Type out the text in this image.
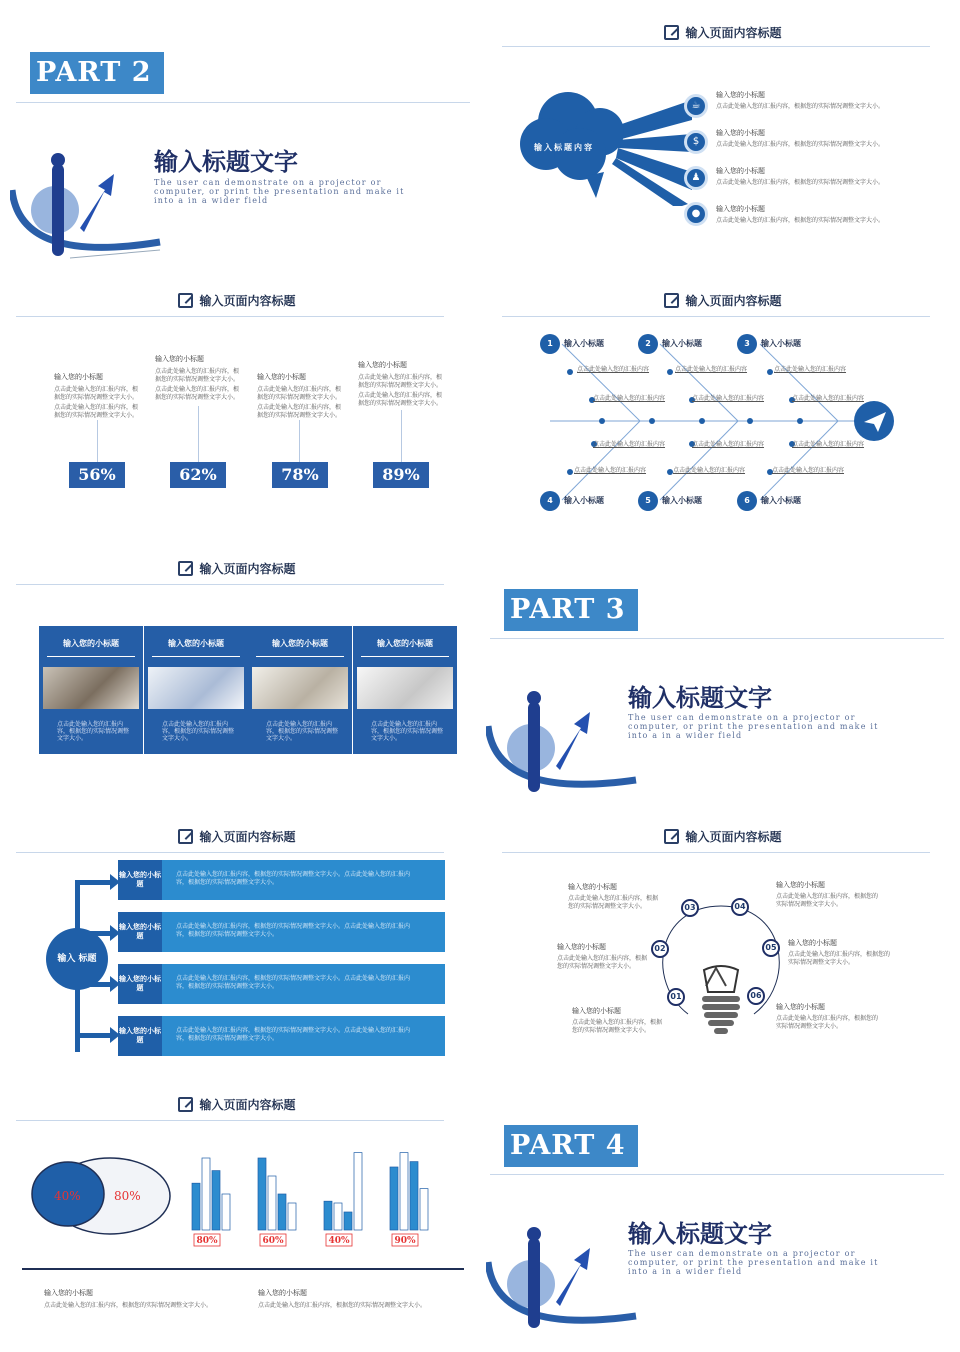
PART 2
输入标题文字
The user can demonstrate on a projector or computer, or print the presentation and make it into a in a wider field
输入页面内容标题
输入您的小标题
点击此处输入您的汇报内容，根据您的实际情况调整文字大小。
点击此处输入您的汇报内容，根据您的实际情况调整文字大小。
输入您的小标题
点击此处输入您的汇报内容，根据您的实际情况调整文字大小。
点击此处输入您的汇报内容，根据您的实际情况调整文字大小。
输入您的小标题
点击此处输入您的汇报内容，根据您的实际情况调整文字大小。
点击此处输入您的汇报内容，根据您的实际情况调整文字大小。
输入您的小标题
点击此处输入您的汇报内容，根据您的实际情况调整文字大小。
点击此处输入您的汇报内容，根据您的实际情况调整文字大小。
56%	62%	78%	89%
输入页面内容标题
输入您的小标题
点击此处输入您的汇报内容，根据您的实际情况调整文字大小。
输入您的小标题
点击此处输入您的汇报内容，根据您的实际情况调整文字大小。
输入您的小标题
点击此处输入您的汇报内容，根据您的实际情况调整文字大小。
输入您的小标题
点击此处输入您的汇报内容，根据您的实际情况调整文字大小。
输入页面内容标题
输入 标题
输入您的小标题
点击此处输入您的汇报内容，根据您的实际情况调整文字大小。点击此处输入您的汇报内容，根据您的实际情况调整文字大小。
输入您的小标题
点击此处输入您的汇报内容，根据您的实际情况调整文字大小。点击此处输入您的汇报内容，根据您的实际情况调整文字大小。
输入您的小标题
点击此处输入您的汇报内容，根据您的实际情况调整文字大小。点击此处输入您的汇报内容，根据您的实际情况调整文字大小。
输入您的小标题
点击此处输入您的汇报内容，根据您的实际情况调整文字大小。点击此处输入您的汇报内容，根据您的实际情况调整文字大小。
输入页面内容标题
40%	80%
80%	60%	40%	90%
输入您的小标题
点击此处输入您的汇报内容，根据您的实际情况调整文字大小。
输入您的小标题
点击此处输入您的汇报内容，根据您的实际情况调整文字大小。
输入页面内容标题
输入标题内容
☕
$
♟
●
输入您的小标题
点击此处输入您的汇报内容，根据您的实际情况调整文字大小。
输入您的小标题
点击此处输入您的汇报内容，根据您的实际情况调整文字大小。
输入您的小标题
点击此处输入您的汇报内容，根据您的实际情况调整文字大小。
输入您的小标题
点击此处输入您的汇报内容，根据您的实际情况调整文字大小。
输入页面内容标题
1 输入小标题	2 输入小标题	3 输入小标题
4 输入小标题	5 输入小标题	6 输入小标题
点击此处输入您的汇报内容	点击此处输入您的汇报内容	点击此处输入您的汇报内容
点击此处输入您的汇报内容	点击此处输入您的汇报内容	点击此处输入您的汇报内容
点击此处输入您的汇报内容	点击此处输入您的汇报内容	点击此处输入您的汇报内容
点击此处输入您的汇报内容	点击此处输入您的汇报内容	点击此处输入您的汇报内容
PART 3
输入标题文字
The user can demonstrate on a projector or computer, or print the presentation and make it into a in a wider field
输入页面内容标题
01
02
03	04
05
06
输入您的小标题
点击此处输入您的汇报内容，根据您的实际情况调整文字大小。
输入您的小标题
点击此处输入您的汇报内容，根据您的实际情况调整文字大小。
输入您的小标题
点击此处输入您的汇报内容，根据您的实际情况调整文字大小。
输入您的小标题
点击此处输入您的汇报内容，根据您的实际情况调整文字大小。
输入您的小标题
点击此处输入您的汇报内容，根据您的实际情况调整文字大小。
输入您的小标题
点击此处输入您的汇报内容，根据您的实际情况调整文字大小。
PART 4
输入标题文字
The user can demonstrate on a projector or computer, or print the presentation and make it into a in a wider field
